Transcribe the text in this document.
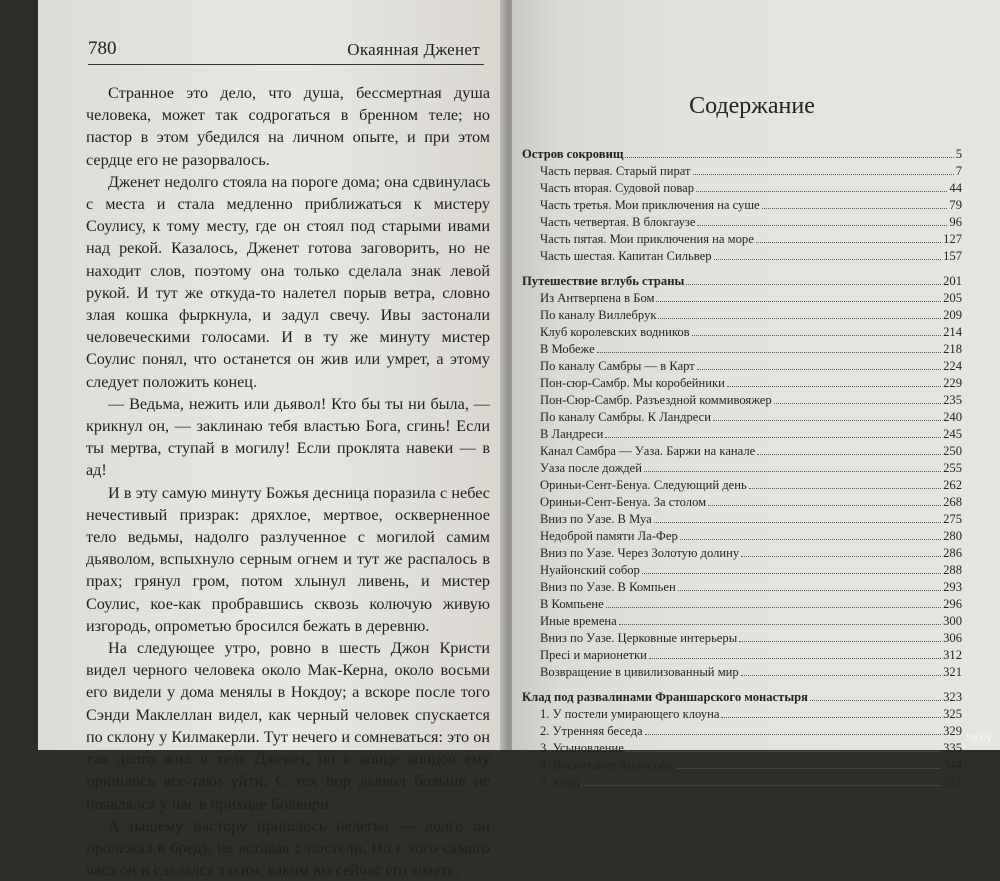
780	Окаянная Дженет

Странное это дело, что душа, бессмертная душа человека, может так содрогаться в бренном теле; но пастор в этом убедился на личном опыте, и при этом сердце его не разорвалось.

Дженет недолго стояла на пороге дома; она сдвинулась с места и стала медленно приближаться к мистеру Соулису, к тому месту, где он стоял под старыми ивами над рекой. Казалось, Дженет готова заговорить, но не находит слов, поэтому она только сделала знак левой рукой. И тут же откуда-то налетел порыв ветра, словно злая кошка фыркнула, и задул свечу. Ивы застонали человеческими голосами. И в ту же минуту мистер Соулис понял, что останется он жив или умрет, а этому следует положить конец.

— Ведьма, нежить или дьявол! Кто бы ты ни была, — крикнул он, — заклинаю тебя властью Бога, сгинь! Если ты мертва, ступай в могилу! Если проклята навеки — в ад!

И в эту самую минуту Божья десница поразила с небес нечестивый призрак: дряхлое, мертвое, оскверненное тело ведьмы, надолго разлученное с могилой самим дьяволом, вспыхнуло серным огнем и тут же распалось в прах; грянул гром, потом хлынул ливень, и мистер Соулис, кое-как пробравшись сквозь колючую живую изгородь, опрометью бросился бежать в деревню.

На следующее утро, ровно в шесть Джон Кристи видел черного человека около Мак-Керна, около восьми его видели у дома менялы в Нокдоу; а вскоре после того Сэнди Маклеллан видел, как черный человек спускается по склону у Килмакерли. Тут нечего и сомневаться: это он так долго жил в теле Дженет, но в конце концов ему пришлось все-таки уйти. С тех пор дьявол больше не появлялся у нас в приходе Болвири.

А нашему пастору пришлось нелегко — долго он пролежал в бреду, не вставая с постели. Но с того самого часа он и сделался таким, каким вы сейчас его знаете.

Содержание
Остров сокровищ	5
Часть первая. Старый пират	7
Часть вторая. Судовой повар	44
Часть третья. Мои приключения на суше	79
Часть четвертая. В блокгаузе	96
Часть пятая. Мои приключения на море	127
Часть шестая. Капитан Сильвер	157
Путешествие вглубь страны	201
Из Антверпена в Бом	205
По каналу Виллебрук	209
Клуб королевских водников	214
В Мобеже	218
По каналу Самбры — в Карт	224
Пон-сюр-Самбр. Мы коробейники	229
Пон-Сюр-Самбр. Разъездной коммивояжер	235
По каналу Самбры. К Ландреси	240
В Ландреси	245
Канал Самбра — Уаза. Баржи на канале	250
Уаза после дождей	255
Ориньи-Сент-Бенуа. Следующий день	262
Ориньи-Сент-Бенуа. За столом	268
Вниз по Уазе. В Муа	275
Недоброй памяти Ла-Фер	280
Вниз по Уазе. Через Золотую долину	286
Нуайонский собор	288
Вниз по Уазе. В Компьен	293
В Компьене	296
Иные времена	300
Вниз по Уазе. Церковные интерьеры	306
Пресi и марионетки	312
Возвращение в цивилизованный мир	321
Клад под развалинами Франшарского монастыря	323
1. У постели умирающего клоуна	325
2. Утренняя беседа	329
3. Усыновление	335
4. Воспитание философа	344
5. Клад	351
by.by
